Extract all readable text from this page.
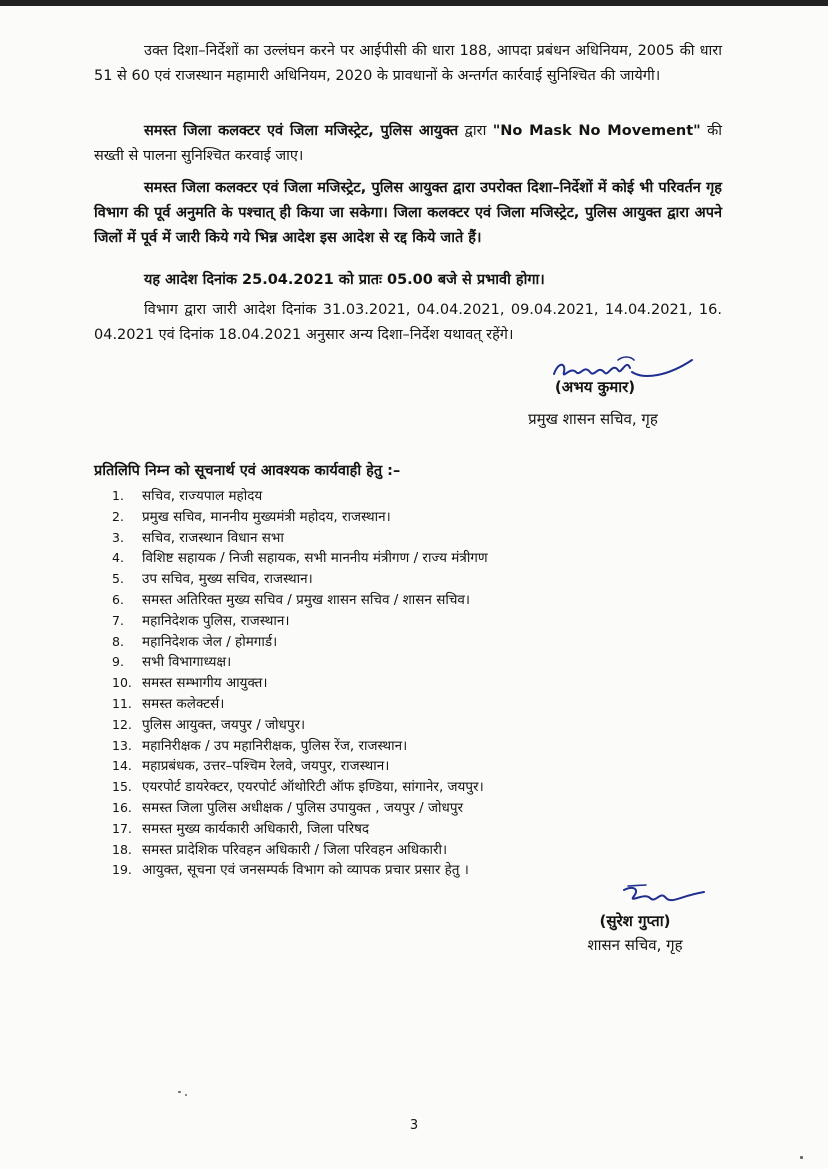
उक्त दिशा–निर्देशों का उल्लंघन करने पर आईपीसी की धारा 188, आपदा प्रबंधन अधिनियम, 2005 की धारा 51 से 60 एवं राजस्थान महामारी अधिनियम, 2020 के प्रावधानों के अन्तर्गत कार्रवाई सुनिश्चित की जायेगी।
समस्त जिला कलक्टर एवं जिला मजिस्ट्रेट, पुलिस आयुक्त द्वारा "No Mask No Movement" की सख्ती से पालना सुनिश्चित करवाई जाए।
समस्त जिला कलक्टर एवं जिला मजिस्ट्रेट, पुलिस आयुक्त द्वारा उपरोक्त दिशा–निर्देशों में कोई भी परिवर्तन गृह विभाग की पूर्व अनुमति के पश्चात् ही किया जा सकेगा। जिला कलक्टर एवं जिला मजिस्ट्रेट, पुलिस आयुक्त द्वारा अपने जिलों में पूर्व में जारी किये गये भिन्न आदेश इस आदेश से रद्द किये जाते हैं।
यह आदेश दिनांक 25.04.2021 को प्रातः 05.00 बजे से प्रभावी होगा।
विभाग द्वारा जारी आदेश दिनांक 31.03.2021, 04.04.2021, 09.04.2021, 14.04.2021, 16. 04.2021 एवं दिनांक 18.04.2021 अनुसार अन्य दिशा–निर्देश यथावत् रहेंगे।
(अभय कुमार)
प्रमुख शासन सचिव, गृह
प्रतिलिपि निम्न को सूचनार्थ एवं आवश्यक कार्यवाही हेतु :–
1. सचिव, राज्यपाल महोदय
2. प्रमुख सचिव, माननीय मुख्यमंत्री महोदय, राजस्थान।
3. सचिव, राजस्थान विधान सभा
4. विशिष्ट सहायक / निजी सहायक, सभी माननीय मंत्रीगण / राज्य मंत्रीगण
5. उप सचिव, मुख्य सचिव, राजस्थान।
6. समस्त अतिरिक्त मुख्य सचिव / प्रमुख शासन सचिव / शासन सचिव।
7. महानिदेशक पुलिस, राजस्थान।
8. महानिदेशक जेल / होमगार्ड।
9. सभी विभागाध्यक्ष।
10. समस्त सम्भागीय आयुक्त।
11. समस्त कलेक्टर्स।
12. पुलिस आयुक्त, जयपुर / जोधपुर।
13. महानिरीक्षक / उप महानिरीक्षक, पुलिस रेंज, राजस्थान।
14. महाप्रबंधक, उत्तर–पश्चिम रेलवे, जयपुर, राजस्थान।
15. एयरपोर्ट डायरेक्टर, एयरपोर्ट ऑथोरिटी ऑफ इण्डिया, सांगानेर, जयपुर।
16. समस्त जिला पुलिस अधीक्षक / पुलिस उपायुक्त , जयपुर / जोधपुर
17. समस्त मुख्य कार्यकारी अधिकारी, जिला परिषद
18. समस्त प्रादेशिक परिवहन अधिकारी / जिला परिवहन अधिकारी।
19. आयुक्त, सूचना एवं जनसम्पर्क विभाग को व्यापक प्रचार प्रसार हेतु ।
(सुरेश गुप्ता)
शासन सचिव, गृह
3
